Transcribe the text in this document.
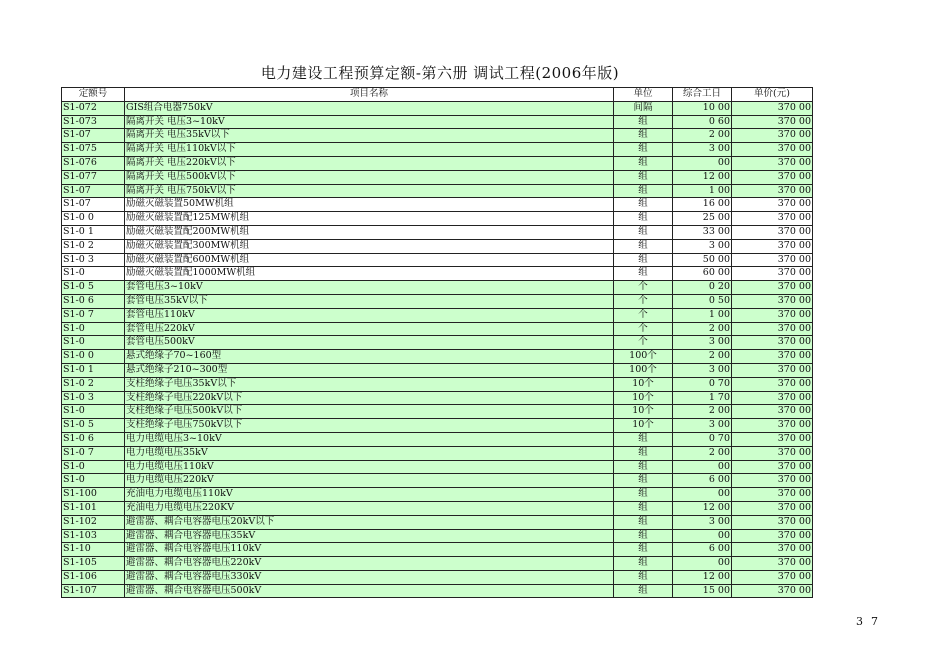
电力建设工程预算定额-第六册 调试工程(2006年版)
定额号	项目名称	单位	综合工日	单价(元)
S1-072	GIS组合电器750kV	间隔	10 00	370 00
S1-073	隔离开关 电压3~10kV	组	0 60	370 00
S1-07	隔离开关 电压35kV以下	组	2 00	370 00
S1-075	隔离开关 电压110kV以下	组	3 00	370 00
S1-076	隔离开关 电压220kV以下	组	00	370 00
S1-077	隔离开关 电压500kV以下	组	12 00	370 00
S1-07	隔离开关 电压750kV以下	组	1 00	370 00
S1-07	励磁灭磁装置50MW机组	组	16 00	370 00
S1-0 0	励磁灭磁装置配125MW机组	组	25 00	370 00
S1-0 1	励磁灭磁装置配200MW机组	组	33 00	370 00
S1-0 2	励磁灭磁装置配300MW机组	组	3 00	370 00
S1-0 3	励磁灭磁装置配600MW机组	组	50 00	370 00
S1-0	励磁灭磁装置配1000MW机组	组	60 00	370 00
S1-0 5	套管电压3~10kV	个	0 20	370 00
S1-0 6	套管电压35kV以下	个	0 50	370 00
S1-0 7	套管电压110kV	个	1 00	370 00
S1-0	套管电压220kV	个	2 00	370 00
S1-0	套管电压500kV	个	3 00	370 00
S1-0 0	悬式绝缘子70~160型	100个	2 00	370 00
S1-0 1	悬式绝缘子210~300型	100个	3 00	370 00
S1-0 2	支柱绝缘子电压35kV以下	10个	0 70	370 00
S1-0 3	支柱绝缘子电压220kV以下	10个	1 70	370 00
S1-0	支柱绝缘子电压500kV以下	10个	2 00	370 00
S1-0 5	支柱绝缘子电压750kV以下	10个	3 00	370 00
S1-0 6	电力电缆电压3~10kV	组	0 70	370 00
S1-0 7	电力电缆电压35kV	组	2 00	370 00
S1-0	电力电缆电压110kV	组	00	370 00
S1-0	电力电缆电压220kV	组	6 00	370 00
S1-100	充油电力电缆电压110kV	组	00	370 00
S1-101	充油电力电缆电压220KV	组	12 00	370 00
S1-102	避雷器、耦合电容器电压20kV以下	组	3 00	370 00
S1-103	避雷器、耦合电容器电压35kV	组	00	370 00
S1-10	避雷器、耦合电容器电压110kV	组	6 00	370 00
S1-105	避雷器、耦合电容器电压220kV	组	00	370 00
S1-106	避雷器、耦合电容器电压330kV	组	12 00	370 00
S1-107	避雷器、耦合电容器电压500kV	组	15 00	370 00
37
